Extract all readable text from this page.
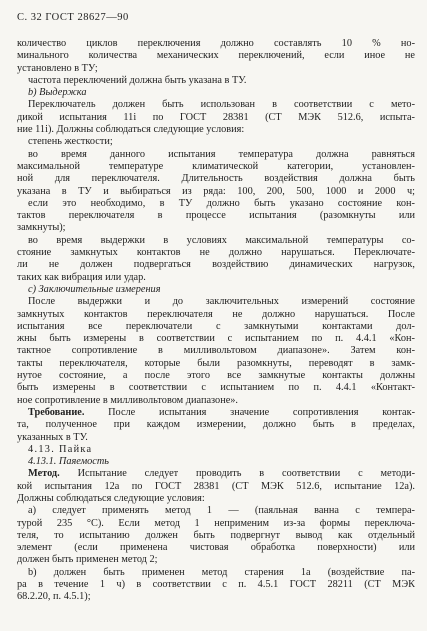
С. 32 ГОСТ 28627—90
количество циклов переключения должно составлять 10 % но-
минального количества механических переключений, если иное не
установлено в ТУ;
частота переключений должна быть указана в ТУ.
b) Выдержка
Переключатель должен быть использован в соответствии с мето-
дикой испытания 11i по ГОСТ 28381 (СТ МЭК 512.6, испыта-
ние 11i). Должны соблюдаться следующие условия:
степень жесткости;
во время данного испытания температура должна равняться
максимальной температуре климатической категории, установлен-
ной для переключателя. Длительность воздействия должна быть
указана в ТУ и выбираться из ряда: 100, 200, 500, 1000 и 2000 ч;
если это необходимо, в ТУ должно быть указано состояние кон-
тактов переключателя в процессе испытания (разомкнуты или
замкнуты);
во время выдержки в условиях максимальной температуры со-
стояние замкнутых контактов не должно нарушаться. Переключате-
ли не должен подвергаться воздействию динамических нагрузок,
таких как вибрация или удар.
c) Заключительные измерения
После выдержки и до заключительных измерений состояние
замкнутых контактов переключателя не должно нарушаться. После
испытания все переключатели с замкнутыми контактами дол-
жны быть измерены в соответствии с испытанием по п. 4.4.1 «Кон-
тактное сопротивление в милливольтовом диапазоне». Затем кон-
такты переключателя, которые были разомкнуты, переводят в замк-
нутое состояние, а после этого все замкнутые контакты должны
быть измерены в соответствии с испытанием по п. 4.4.1 «Контакт-
ное сопротивление в милливольтовом диапазоне».
Требование. После испытания значение сопротивления контак-
та, полученное при каждом измерении, должно быть в пределах,
указанных в ТУ.
4.13. Пайка
4.13.1. Паяемость
Метод. Испытание следует проводить в соответствии с методи-
кой испытания 12а по ГОСТ 28381 (СТ МЭК 512.6, испытание 12а).
Должны соблюдаться следующие условия:
а) следует применять метод 1 — (паяльная ванна с темпера-
турой 235 °С). Если метод 1 неприменим из-за формы переключа-
теля, то испытанию должен быть подвергнут вывод как отдельный
элемент (если применена чистовая обработка поверхности) или
должен быть применен метод 2;
b) должен быть применен метод старения 1а (воздействие па-
ра в течение 1 ч) в соответствии с п. 4.5.1 ГОСТ 28211 (СТ МЭК
68.2.20, п. 4.5.1);
